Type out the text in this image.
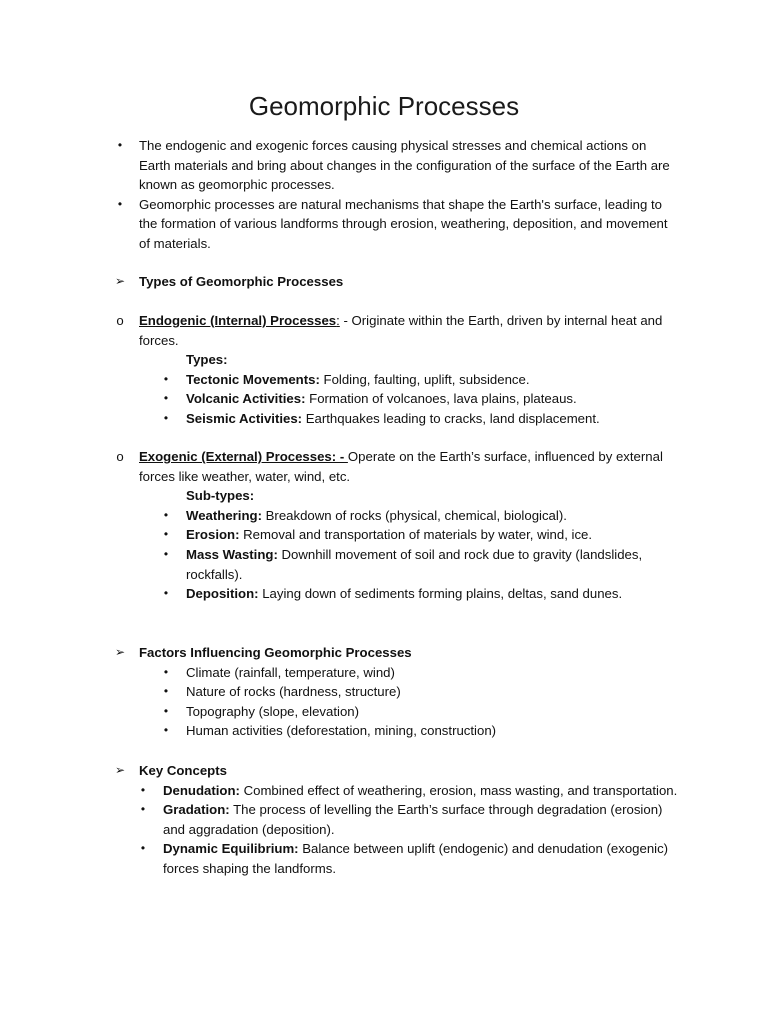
Geomorphic Processes
•	The endogenic and exogenic forces causing physical stresses and chemical actions on Earth materials and bring about changes in the configuration of the surface of the Earth are known as geomorphic processes.
•	Geomorphic processes are natural mechanisms that shape the Earth's surface, leading to the formation of various landforms through erosion, weathering, deposition, and movement of materials.
➢ Types of Geomorphic Processes
o Endogenic (Internal) Processes: - Originate within the Earth, driven by internal heat and forces.
Types:
•	Tectonic Movements: Folding, faulting, uplift, subsidence.
•	Volcanic Activities: Formation of volcanoes, lava plains, plateaus.
•	Seismic Activities: Earthquakes leading to cracks, land displacement.
o Exogenic (External) Processes: - Operate on the Earth’s surface, influenced by external forces like weather, water, wind, etc.
Sub-types:
•	Weathering: Breakdown of rocks (physical, chemical, biological).
•	Erosion: Removal and transportation of materials by water, wind, ice.
•	Mass Wasting: Downhill movement of soil and rock due to gravity (landslides, rockfalls).
•	Deposition: Laying down of sediments forming plains, deltas, sand dunes.
➢ Factors Influencing Geomorphic Processes
•	Climate (rainfall, temperature, wind)
•	Nature of rocks (hardness, structure)
•	Topography (slope, elevation)
•	Human activities (deforestation, mining, construction)
➢ Key Concepts
•	Denudation: Combined effect of weathering, erosion, mass wasting, and transportation.
•	Gradation: The process of levelling the Earth’s surface through degradation (erosion) and aggradation (deposition).
•	Dynamic Equilibrium: Balance between uplift (endogenic) and denudation (exogenic) forces shaping the landforms.
